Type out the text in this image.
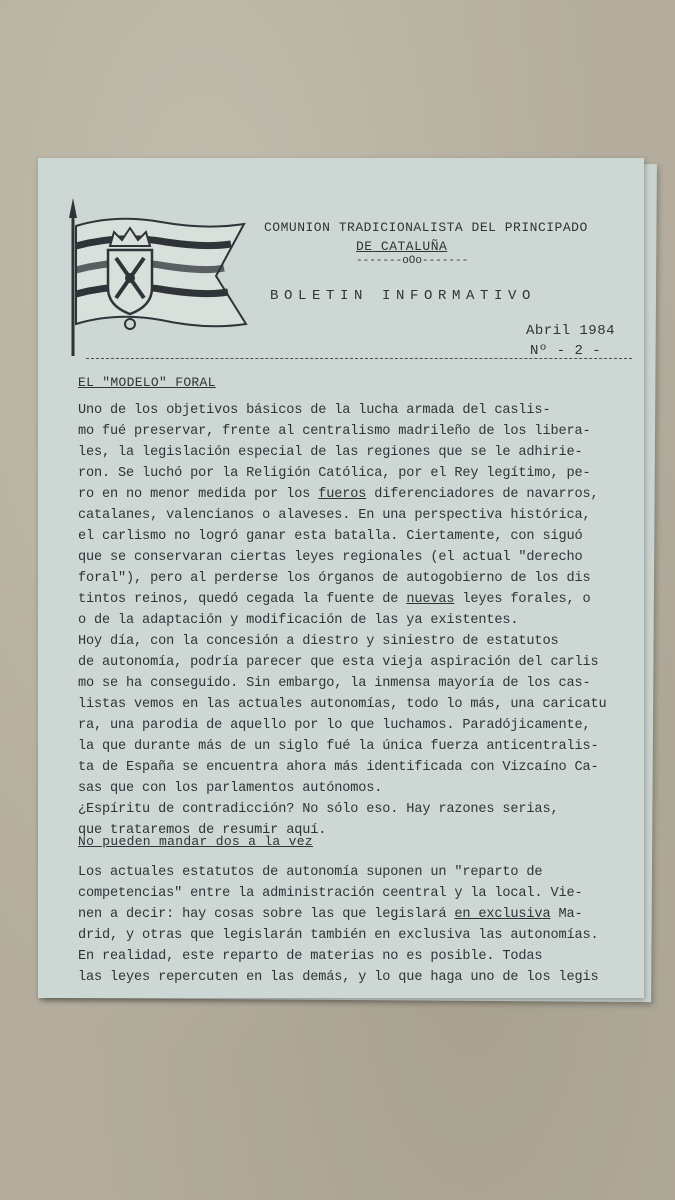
COMUNION TRADICIONALISTA DEL PRINCIPADO
DE CATALUÑA
-------oOo-------
BOLETIN INFORMATIVO
Abril 1984
Nº - 2 -
EL "MODELO" FORAL
Uno de los objetivos básicos de la lucha armada del caslis-
mo fué preservar, frente al centralismo madrileño de los libera-
les, la legislación especial de las regiones que se le adhirie-
ron. Se luchó por la Religión Católica, por el Rey legítimo, pe-
ro en no menor medida por los fueros diferenciadores de navarros,
catalanes, valencianos o alaveses. En una perspectiva histórica,
el carlismo no logró ganar esta batalla. Ciertamente, con siguó
que se conservaran ciertas leyes regionales (el actual "derecho
foral"), pero al perderse los órganos de autogobierno de los dis
tintos reinos, quedó cegada la fuente de nuevas leyes forales, o
o de la adaptación y modificación de las ya existentes.
Hoy día, con la concesión a diestro y siniestro de estatutos
de autonomía, podría parecer que esta vieja aspiración del carlis
mo se ha conseguido. Sin embargo, la inmensa mayoría de los cas-
listas vemos en las actuales autonomías, todo lo más, una caricatu
ra, una parodia de aquello por lo que luchamos. Paradójicamente,
la que durante más de un siglo fué la única fuerza anticentralis-
ta de España se encuentra ahora más identificada con Vizcaíno Ca-
sas que con los parlamentos autónomos.
¿Espíritu de contradicción? No sólo eso. Hay razones serias,
que trataremos de resumir aquí.
No pueden mandar dos a la vez
Los actuales estatutos de autonomía suponen un "reparto de
competencias" entre la administración ceentral y la local. Vie-
nen a decir: hay cosas sobre las que legislará en exclusiva Ma-
drid, y otras que legislarán también en exclusiva las autonomías.
En realidad, este reparto de materias no es posible. Todas
las leyes repercuten en las demás, y lo que haga uno de los legis
